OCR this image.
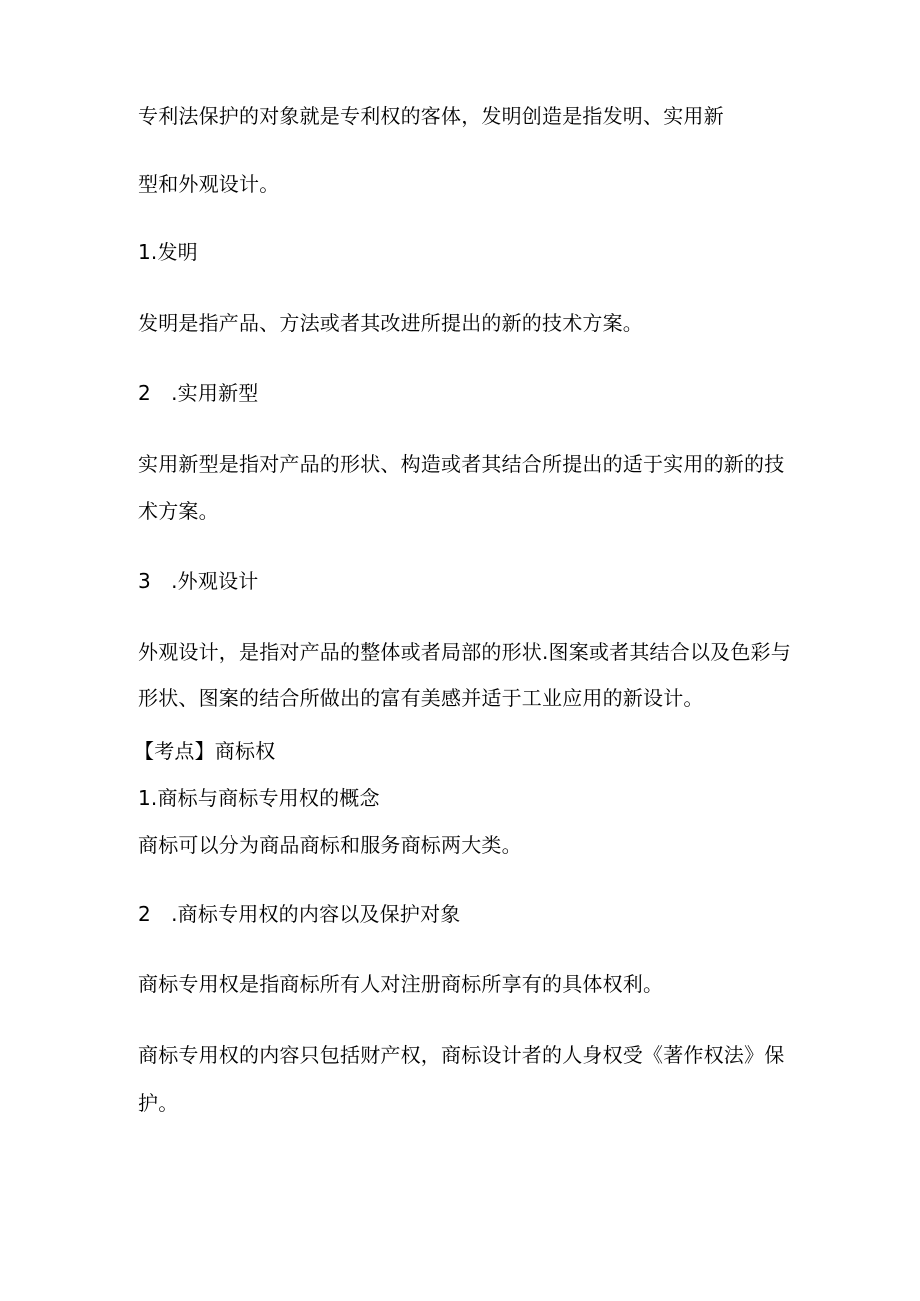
专利法保护的对象就是专利权的客体，发明创造是指发明、实用新
型和外观设计。
1.发明
发明是指产品、方法或者其改进所提出的新的技术方案。
2　.实用新型
实用新型是指对产品的形状、构造或者其结合所提出的适于实用的新的技
术方案。
3　.外观设计
外观设计，是指对产品的整体或者局部的形状.图案或者其结合以及色彩与
形状、图案的结合所做出的富有美感并适于工业应用的新设计。
【考点】商标权
1.商标与商标专用权的概念
商标可以分为商品商标和服务商标两大类。
2　.商标专用权的内容以及保护对象
商标专用权是指商标所有人对注册商标所享有的具体权利。
商标专用权的内容只包括财产权，商标设计者的人身权受《著作权法》保
护。
